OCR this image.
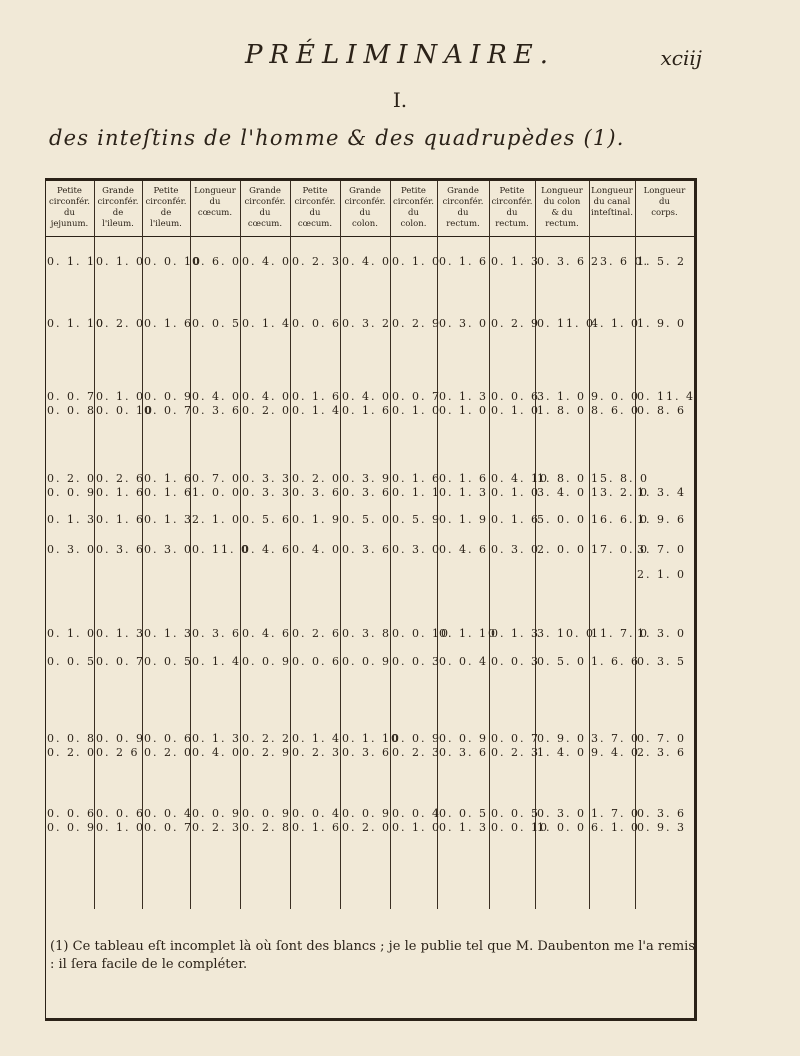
PRÉLIMINAIRE.	xciij
I.
des inteſtins de l'homme & des quadrupèdes (1).
Petite
circonfér.
du
jejunum.
Grande
circonfér.
de
l'ileum.
Petite
circonfér.
de
l'ileum.
Longueur
du
cœcum.
Grande
circonfér.
du
cœcum.
Petite
circonfér.
du
cœcum.
Grande
circonfér.
du
colon.
Petite
circonfér.
du
colon.
Grande
circonfér.
du
rectum.
Petite
circonfér.
du
rectum.
Longueur
du colon
& du
rectum.
Longueur
du canal
inteſtinal.
Longueur
du
corps.
0. 1. 1 0. 1. 0 0. 0. 10
0. 6. 0 0. 4. 0 0. 2. 3 0. 4. 0 0. 1. 0
0. 1. 6 0. 1. 3
0. 3. 6 23. 6 0.
1. 5. 2
0. 1. 10
0. 2. 0 0. 1. 6 0. 0. 5 0. 1. 4 0. 0. 6 0. 3. 2 0. 2. 9
0. 3. 0 0. 2. 9
0. 11. 0
4. 1. 0
1. 9. 0
0. 0. 7 0. 1. 0 0. 0. 9 0. 4. 0 0. 4. 0 0. 1. 6 0. 4. 0 0. 0. 7
0. 1. 3 0. 0. 6
3. 1. 0 9. 0. 0
0. 11. 4
0. 0. 8 0. 0. 10
0. 0. 7 0. 3. 6 0. 2. 0 0. 1. 4 0. 1. 6 0. 1. 0
0. 1. 0 0. 1. 0
1. 8. 0 8. 6. 0
0. 8. 6
0. 2. 0 0. 2. 6 0. 1. 6 0. 7. 0 0. 3. 3 0. 2. 0 0. 3. 9 0. 1. 6
0. 1. 6 0. 4. 10
1. 8. 0 15. 8. 0
0. 0. 9 0. 1. 6 0. 1. 6 1. 0. 0 0. 3. 3 0. 3. 6 0. 3. 6 0. 1. 1
0. 1. 3 0. 1. 0
3. 4. 0 13. 2. 0
1. 3. 4
0. 1. 3 0. 1. 6 0. 1. 3 2. 1. 0 0. 5. 6 0. 1. 9 0. 5. 0 0. 5. 9
0. 1. 9 0. 1. 6
5. 0. 0 16. 6. 0
1. 9. 6
0. 3. 0 0. 3. 6 0. 3. 0 0. 11. 0
0. 4. 6 0. 4. 0 0. 3. 6 0. 3. 0
0. 4. 6 0. 3. 0
2. 0. 0 17. 0. 0
3. 7. 0
2. 1. 0
0. 1. 0 0. 1. 3 0. 1. 3 0. 3. 6 0. 4. 6 0. 2. 6 0. 3. 8 0. 0. 10
0. 1. 10
0. 1. 3
3. 10. 0
11. 7. 0
1. 3. 0
0. 0. 5 0. 0. 7 0. 0. 5 0. 1. 4 0. 0. 9 0. 0. 6 0. 0. 9 0. 0. 3
0. 0. 4 0. 0. 3
0. 5. 0 1. 6. 6
0. 3. 5
0. 0. 8 0. 0. 9 0. 0. 6 0. 1. 3 0. 2. 2 0. 1. 4 0. 1. 10
0. 0. 9
0. 0. 9 0. 0. 7
0. 9. 0 3. 7. 0
0. 7. 0
0. 2. 0 0. 2 6 0. 2. 0 0. 4. 0 0. 2. 9 0. 2. 3 0. 3. 6 0. 2. 3
0. 3. 6 0. 2. 3
1. 4. 0 9. 4. 0
2. 3. 6
0. 0. 6 0. 0. 6 0. 0. 4 0. 0. 9 0. 0. 9 0. 0. 4 0. 0. 9 0. 0. 4
0. 0. 5 0. 0. 5
0. 3. 0 1. 7. 0
0. 3. 6
0. 0. 9 0. 1. 0 0. 0. 7 0. 2. 3 0. 2. 8 0. 1. 6 0. 2. 0 0. 1. 0
0. 1. 3 0. 0. 10
1. 0. 0 6. 1. 0
0. 9. 3
(1) Ce tableau eſt incomplet là où ſont des blancs ; je le publie tel que M. Daubenton me l'a remis : il ſera facile de le compléter.
